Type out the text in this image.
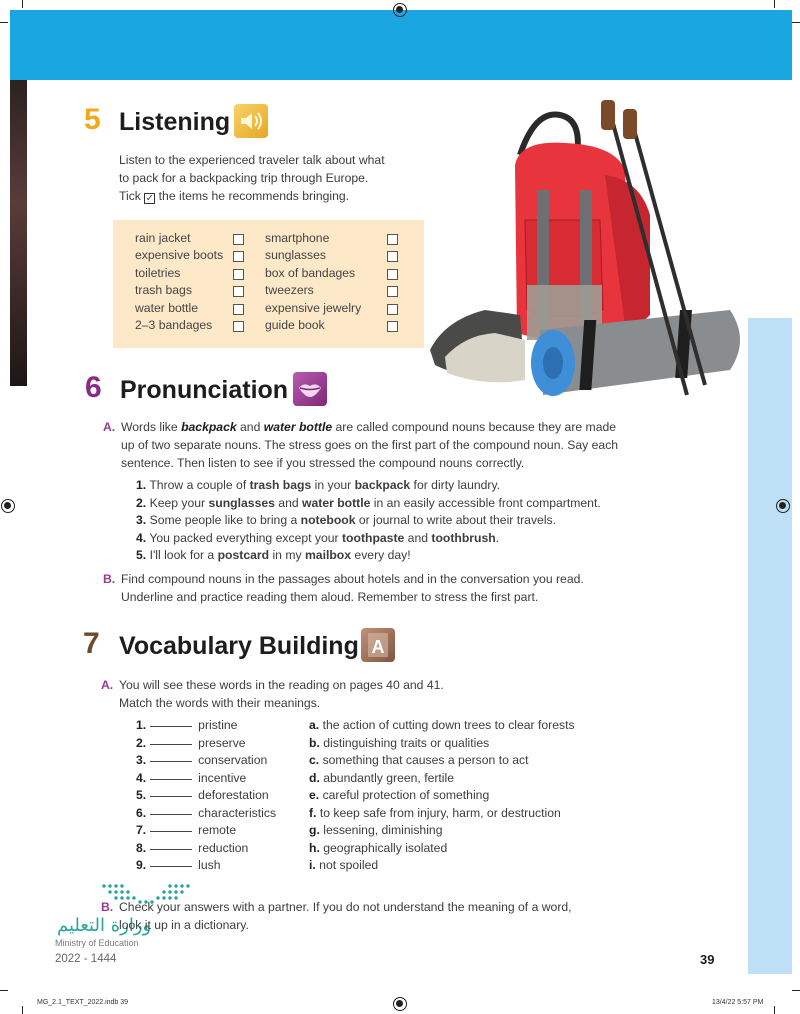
5 Listening
Listen to the experienced traveler talk about what
to pack for a backpacking trip through Europe.
Tick ✓ the items he recommends bringing.
rain jacket
expensive boots
toiletries
trash bags
water bottle
2–3 bandages
smartphone
sunglasses
box of bandages
tweezers
expensive jewelry
guide book
6 Pronunciation
A. Words like backpack and water bottle are called compound nouns because they are made
up of two separate nouns. The stress goes on the first part of the compound noun. Say each
sentence. Then listen to see if you stressed the compound nouns correctly.
1. Throw a couple of trash bags in your backpack for dirty laundry.
2. Keep your sunglasses and water bottle in an easily accessible front compartment.
3. Some people like to bring a notebook or journal to write about their travels.
4. You packed everything except your toothpaste and toothbrush.
5. I'll look for a postcard in my mailbox every day!
B. Find compound nouns in the passages about hotels and in the conversation you read.
Underline and practice reading them aloud. Remember to stress the first part.
7 Vocabulary Building A
A. You will see these words in the reading on pages 40 and 41.
Match the words with their meanings.
1.	pristine	a. the action of cutting down trees to clear forests
2.	preserve	b. distinguishing traits or qualities
3.	conservation	c. something that causes a person to act
4.	incentive	d. abundantly green, fertile
5.	deforestation	e. careful protection of something
6.	characteristics	f. to keep safe from injury, harm, or destruction
7.	remote	g. lessening, diminishing
8.	reduction	h. geographically isolated
9.	lush	i. not spoiled
وزارة التعليم
B. Check your answers with a partner. If you do not understand the meaning of a word,
look it up in a dictionary.
Ministry of Education
2022 - 1444	39
MG_2.1_TEXT_2022.indb 39	13/4/22 5:57 PM
